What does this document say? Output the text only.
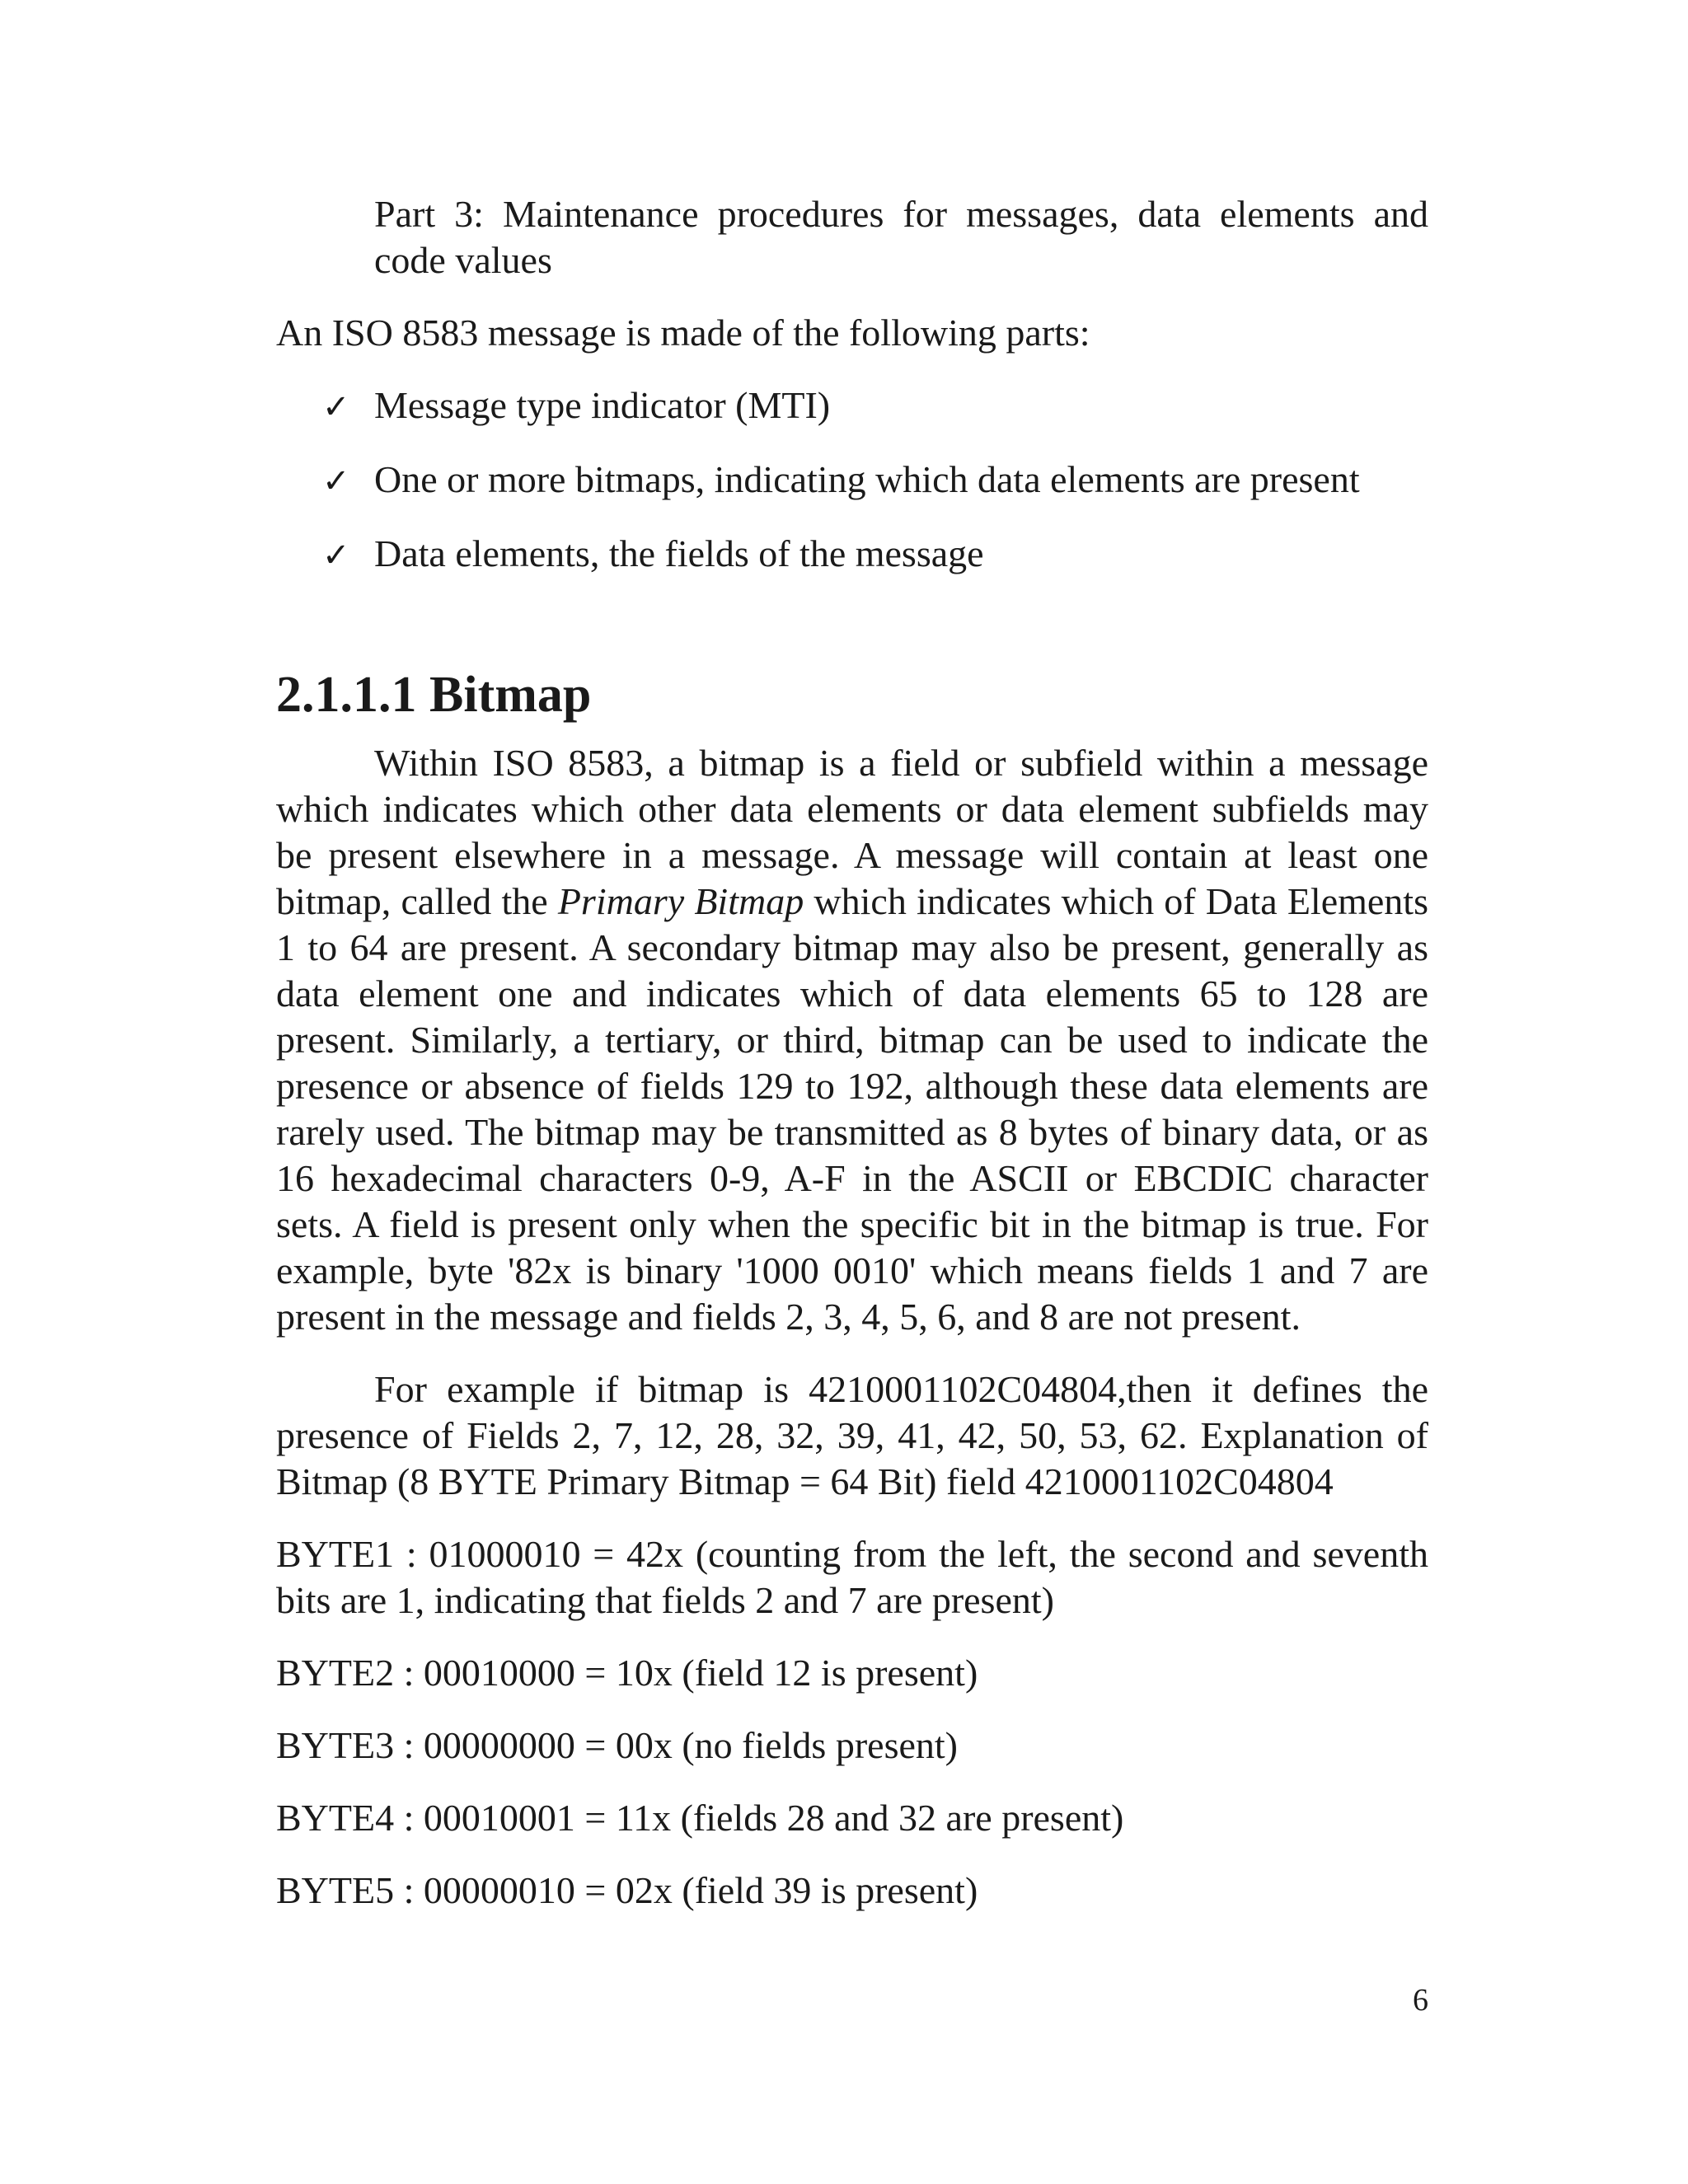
Part 3: Maintenance procedures for messages, data elements and code values

An ISO 8583 message is made of the following parts:

✓ Message type indicator (MTI)
✓ One or more bitmaps, indicating which data elements are present
✓ Data elements, the fields of the message
2.1.1.1 Bitmap

Within ISO 8583, a bitmap is a field or subfield within a message which indicates which other data elements or data element subfields may be present elsewhere in a message. A message will contain at least one bitmap, called the Primary Bitmap which indicates which of Data Elements 1 to 64 are present. A secondary bitmap may also be present, generally as data element one and indicates which of data elements 65 to 128 are present. Similarly, a tertiary, or third, bitmap can be used to indicate the presence or absence of fields 129 to 192, although these data elements are rarely used. The bitmap may be transmitted as 8 bytes of binary data, or as 16 hexadecimal characters 0-9, A-F in the ASCII or EBCDIC character sets. A field is present only when the specific bit in the bitmap is true. For example, byte '82x is binary '1000 0010' which means fields 1 and 7 are present in the message and fields 2, 3, 4, 5, 6, and 8 are not present.

For example if bitmap is 4210001102C04804,then it defines the presence of Fields 2, 7, 12, 28, 32, 39, 41, 42, 50, 53, 62. Explanation of Bitmap (8 BYTE Primary Bitmap = 64 Bit) field 4210001102C04804

BYTE1 : 01000010 = 42x (counting from the left, the second and seventh bits are 1, indicating that fields 2 and 7 are present)

BYTE2 : 00010000 = 10x (field 12 is present)

BYTE3 : 00000000 = 00x (no fields present)

BYTE4 : 00010001 = 11x (fields 28 and 32 are present)

BYTE5 : 00000010 = 02x (field 39 is present)

6
